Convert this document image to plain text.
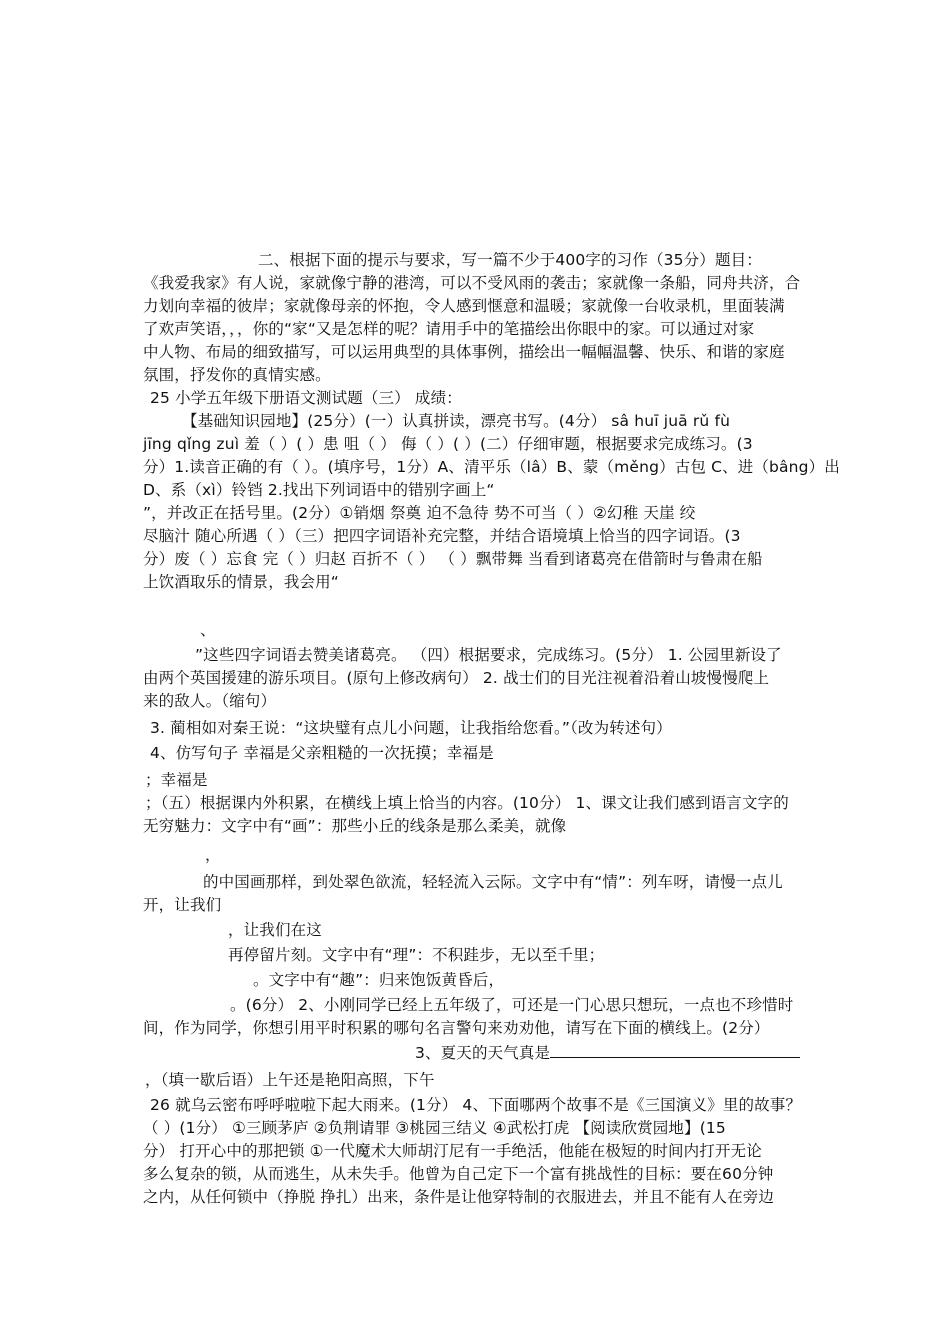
二、根据下面的提示与要求，写一篇不少于400字的习作（35分）题目：
《我爱我家》有人说，家就像宁静的港湾，可以不受风雨的袭击；家就像一条船，同舟共济，合
力划向幸福的彼岸；家就像母亲的怀抱，令人感到惬意和温暖；家就像一台收录机，里面装满
了欢声笑语，，，你的“家“又是怎样的呢？请用手中的笔描绘出你眼中的家。可以通过对家
中人物、布局的细致描写，可以运用典型的具体事例，描绘出一幅幅温馨、快乐、和谐的家庭
氛围，抒发你的真情实感。
25 小学五年级下册语文测试题（三） 成绩：
【基础知识园地】(25分）(一）认真拼读，漂亮书写。(4分） sâ huī juā rǔ fù
jīng qǐng zuì 羞（ ）( ）患 咀（ ） 侮（ ）( ）(二）仔细审题，根据要求完成练习。(3
分）1.读音正确的有（ ）。(填序号，1分）A、清平乐（lâ）B、蒙（měng）古包 C、进（bâng）出
D、系（xì）铃铛 2.找出下列词语中的错别字画上“
”，并改正在括号里。(2分）①销烟 祭奠 迫不急待 势不可当（ ）②幻稚 天崖 绞
尽脑汁 随心所遇（ ）（三）把四字词语补充完整，并结合语境填上恰当的四字词语。(3
分）废（ ）忘食 完（ ）归赵 百折不（ ） （ ）飘带舞 当看到诸葛亮在借箭时与鲁肃在船
上饮酒取乐的情景，我会用“
、
”这些四字词语去赞美诸葛亮。 （四）根据要求，完成练习。(5分） 1. 公园里新设了
由两个英国援建的游乐项目。(原句上修改病句） 2. 战士们的目光注视着沿着山坡慢慢爬上
来的敌人。（缩句）
3. 蔺相如对秦王说：“这块璧有点儿小问题，让我指给您看。”（改为转述句）
4、仿写句子 幸福是父亲粗糙的一次抚摸；幸福是
；幸福是
；（五）根据课内外积累，在横线上填上恰当的内容。(10分） 1、课文让我们感到语言文字的
无穷魅力：文字中有“画”：那些小丘的线条是那么柔美，就像
，
的中国画那样，到处翠色欲流，轻轻流入云际。文字中有“情”：列车呀，请慢一点儿
开，让我们
，让我们在这
再停留片刻。文字中有“理”：不积跬步，无以至千里；
。文字中有“趣”：归来饱饭黄昏后，
。(6分） 2、小刚同学已经上五年级了，可还是一门心思只想玩，一点也不珍惜时
间，作为同学，你想引用平时积累的哪句名言警句来劝劝他，请写在下面的横线上。(2分）
3、夏天的天气真是
，（填一歇后语）上午还是艳阳高照，下午
26 就乌云密布呼呼啦啦下起大雨来。(1分） 4、下面哪两个故事不是《三国演义》里的故事？
（ ）(1分） ①三顾茅庐 ②负荆请罪 ③桃园三结义 ④武松打虎 【阅读欣赏园地】(15
分） 打开心中的那把锁 ①一代魔术大师胡汀尼有一手绝活，他能在极短的时间内打开无论
多么复杂的锁，从而逃生，从未失手。他曾为自己定下一个富有挑战性的目标：要在60分钟
之内，从任何锁中（挣脱 挣扎）出来，条件是让他穿特制的衣服进去，并且不能有人在旁边
